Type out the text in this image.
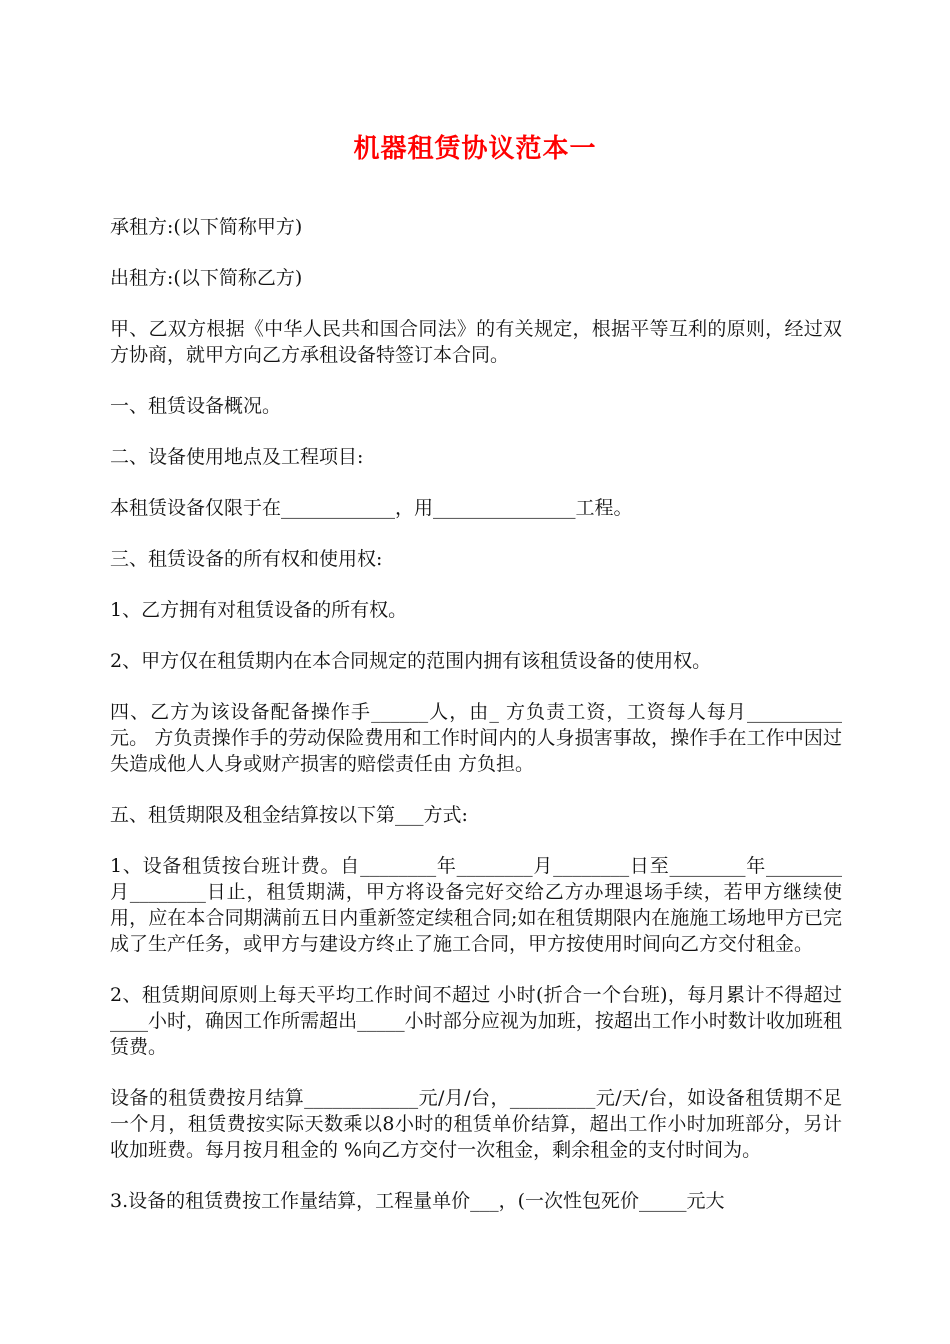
机器租赁协议范本一

承租方:(以下简称甲方)

出租方:(以下简称乙方)

甲、乙双方根据《中华人民共和国合同法》的有关规定，根据平等互利的原则，经过双方协商，就甲方向乙方承租设备特签订本合同。

一、租赁设备概况。

二、设备使用地点及工程项目:

本租赁设备仅限于在____________，用_______________工程。

三、租赁设备的所有权和使用权:

1、乙方拥有对租赁设备的所有权。

2、甲方仅在租赁期内在本合同规定的范围内拥有该租赁设备的使用权。

四、乙方为该设备配备操作手______人，由_ 方负责工资，工资每人每月__________元。 方负责操作手的劳动保险费用和工作时间内的人身损害事故，操作手在工作中因过失造成他人人身或财产损害的赔偿责任由 方负担。

五、租赁期限及租金结算按以下第___方式:

1、设备租赁按台班计费。自________年________月________日至________年________月________日止，租赁期满，甲方将设备完好交给乙方办理退场手续，若甲方继续使用，应在本合同期满前五日内重新签定续租合同;如在租赁期限内在施施工场地甲方已完成了生产任务，或甲方与建设方终止了施工合同，甲方按使用时间向乙方交付租金。

2、租赁期间原则上每天平均工作时间不超过 小时(折合一个台班)，每月累计不得超过____小时，确因工作所需超出_____小时部分应视为加班，按超出工作小时数计收加班租赁费。

设备的租赁费按月结算____________元/月/台，_________元/天/台，如设备租赁期不足一个月，租赁费按实际天数乘以8小时的租赁单价结算，超出工作小时加班部分，另计收加班费。每月按月租金的 %向乙方交付一次租金，剩余租金的支付时间为。

3.设备的租赁费按工作量结算，工程量单价___，(一次性包死价_____元大
